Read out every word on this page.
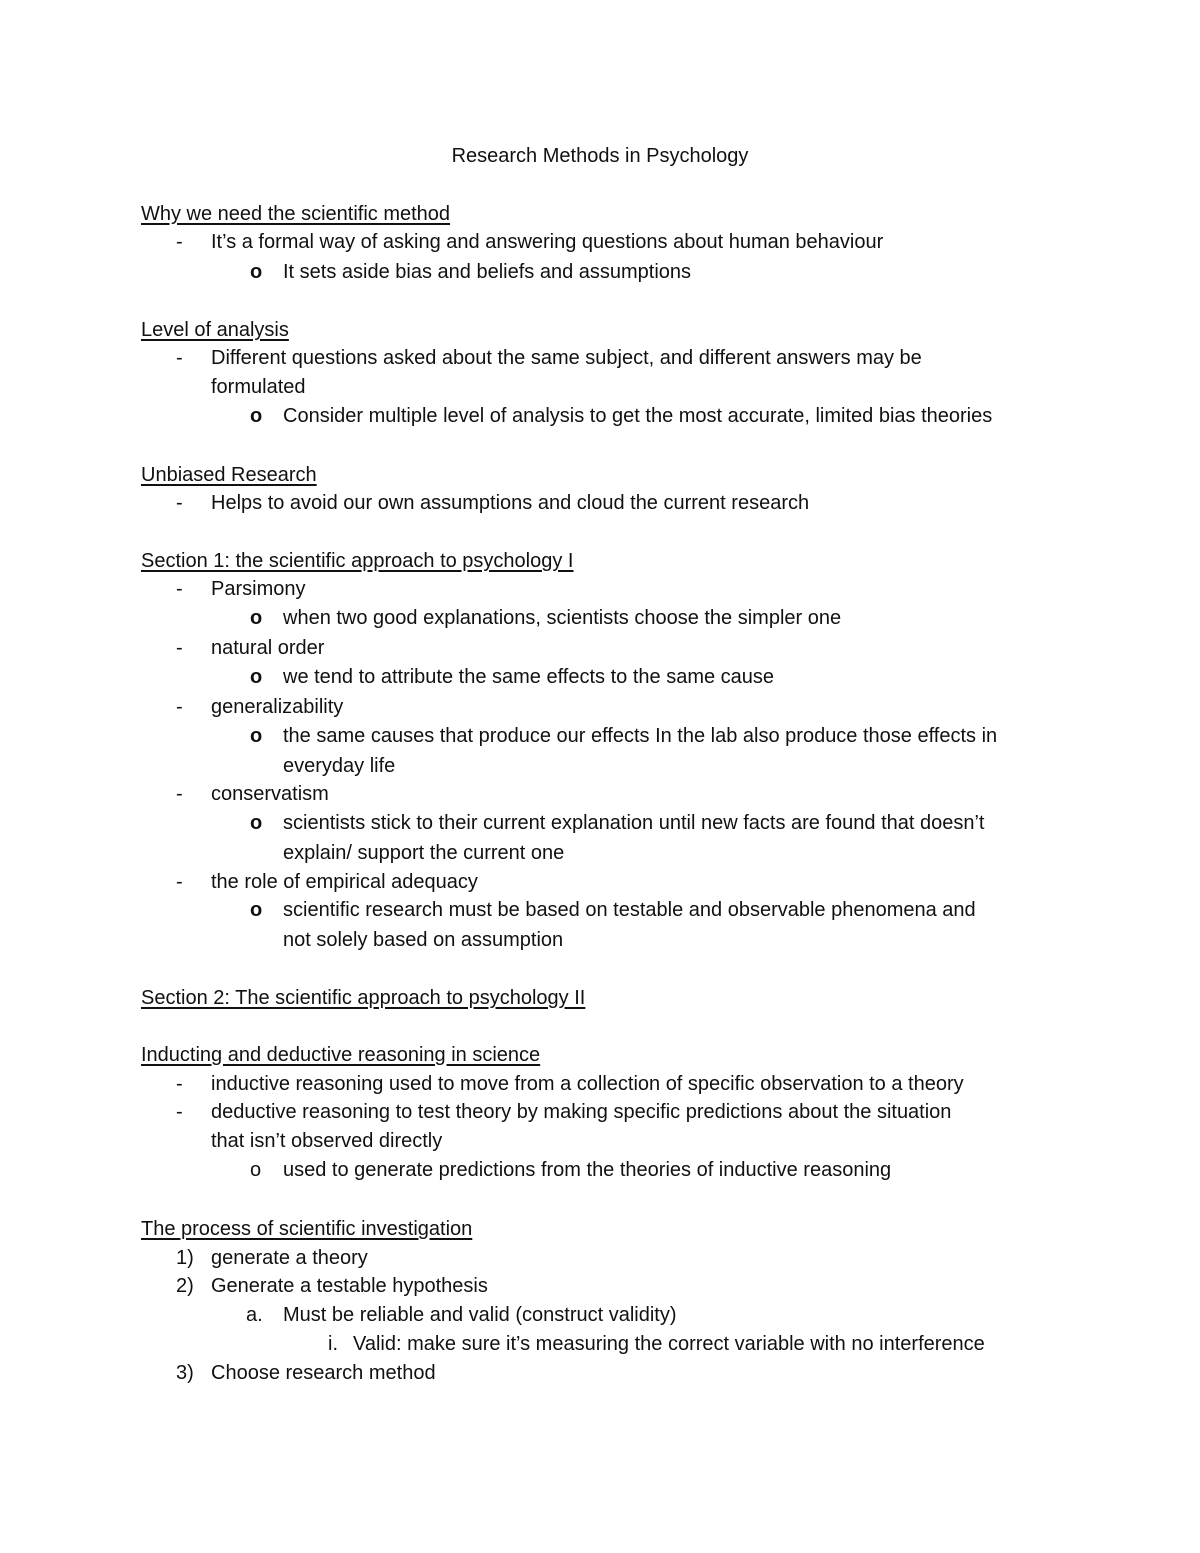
Research Methods in Psychology
Why we need the scientific method
- It’s a formal way of asking and answering questions about human behaviour
o It sets aside bias and beliefs and assumptions
Level of analysis
- Different questions asked about the same subject, and different answers may be
formulated
o Consider multiple level of analysis to get the most accurate, limited bias theories
Unbiased Research
- Helps to avoid our own assumptions and cloud the current research
Section 1: the scientific approach to psychology I
- Parsimony
o when two good explanations, scientists choose the simpler one
- natural order
o we tend to attribute the same effects to the same cause
- generalizability
o the same causes that produce our effects In the lab also produce those effects in
everyday life
- conservatism
o scientists stick to their current explanation until new facts are found that doesn’t
explain/ support the current one
- the role of empirical adequacy
o scientific research must be based on testable and observable phenomena and
not solely based on assumption
Section 2: The scientific approach to psychology II
Inducting and deductive reasoning in science
- inductive reasoning used to move from a collection of specific observation to a theory
- deductive reasoning to test theory by making specific predictions about the situation
that isn’t observed directly
o used to generate predictions from the theories of inductive reasoning
The process of scientific investigation
1) generate a theory
2) Generate a testable hypothesis
a. Must be reliable and valid (construct validity)
i. Valid: make sure it’s measuring the correct variable with no interference
3) Choose research method
